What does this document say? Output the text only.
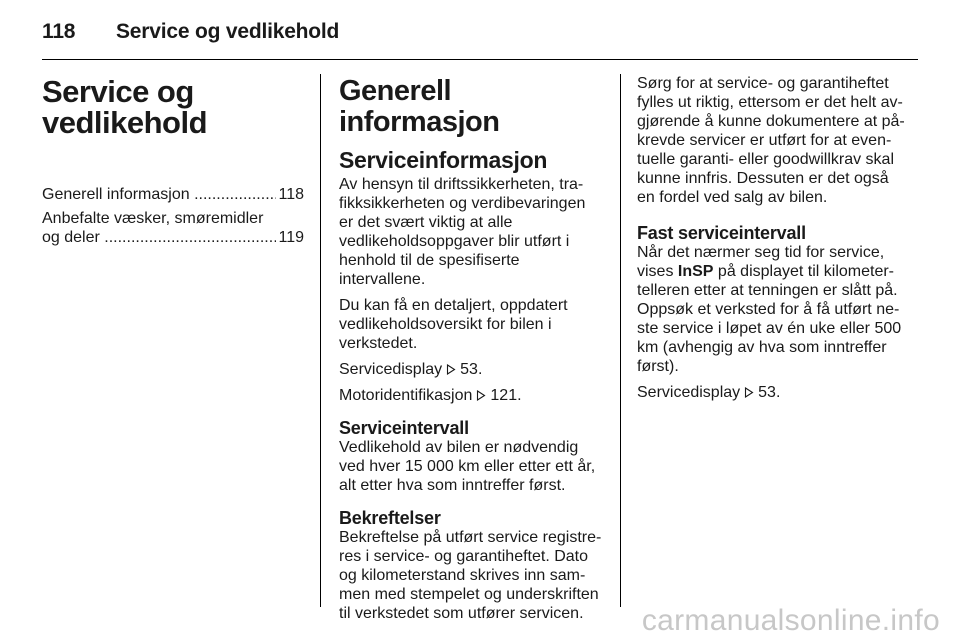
118 Service og vedlikehold
Service og
vedlikehold
Generell informasjon .....	118
Anbefalte væsker, smøremidler
og deler .....	119
Generell informasjon
Serviceinformasjon

Av hensyn til driftssikkerheten, trafikksikkerheten og verdibevaringen er det svært viktig at alle vedlikeholdsoppgaver blir utført i henhold til de spesifiserte intervallene.

Du kan få en detaljert, oppdatert vedlikeholdsoversikt for bilen i verkstedet.

Servicedisplay 53.

Motoridentifikasjon 121.

Serviceintervall

Vedlikehold av bilen er nødvendig ved hver 15 000 km eller etter ett år, alt etter hva som inntreffer først.

Bekreftelser

Bekreftelse på utført service registreres i service- og garantiheftet. Dato og kilometerstand skrives inn sammen med stempelet og underskriften til verkstedet som utfører servicen.

Sørg for at service- og garantiheftet fylles ut riktig, ettersom er det helt avgjørende å kunne dokumentere at påkrevde servicer er utført for at eventuelle garanti- eller goodwillkrav skal kunne innfris. Dessuten er det også en fordel ved salg av bilen.

Fast serviceintervall

Når det nærmer seg tid for service, vises InSP på displayet til kilometertelleren etter at tenningen er slått på. Oppsøk et verksted for å få utført neste service i løpet av én uke eller 500 km (avhengig av hva som inntreffer først).

Servicedisplay 53.

carmanualsonline.info
